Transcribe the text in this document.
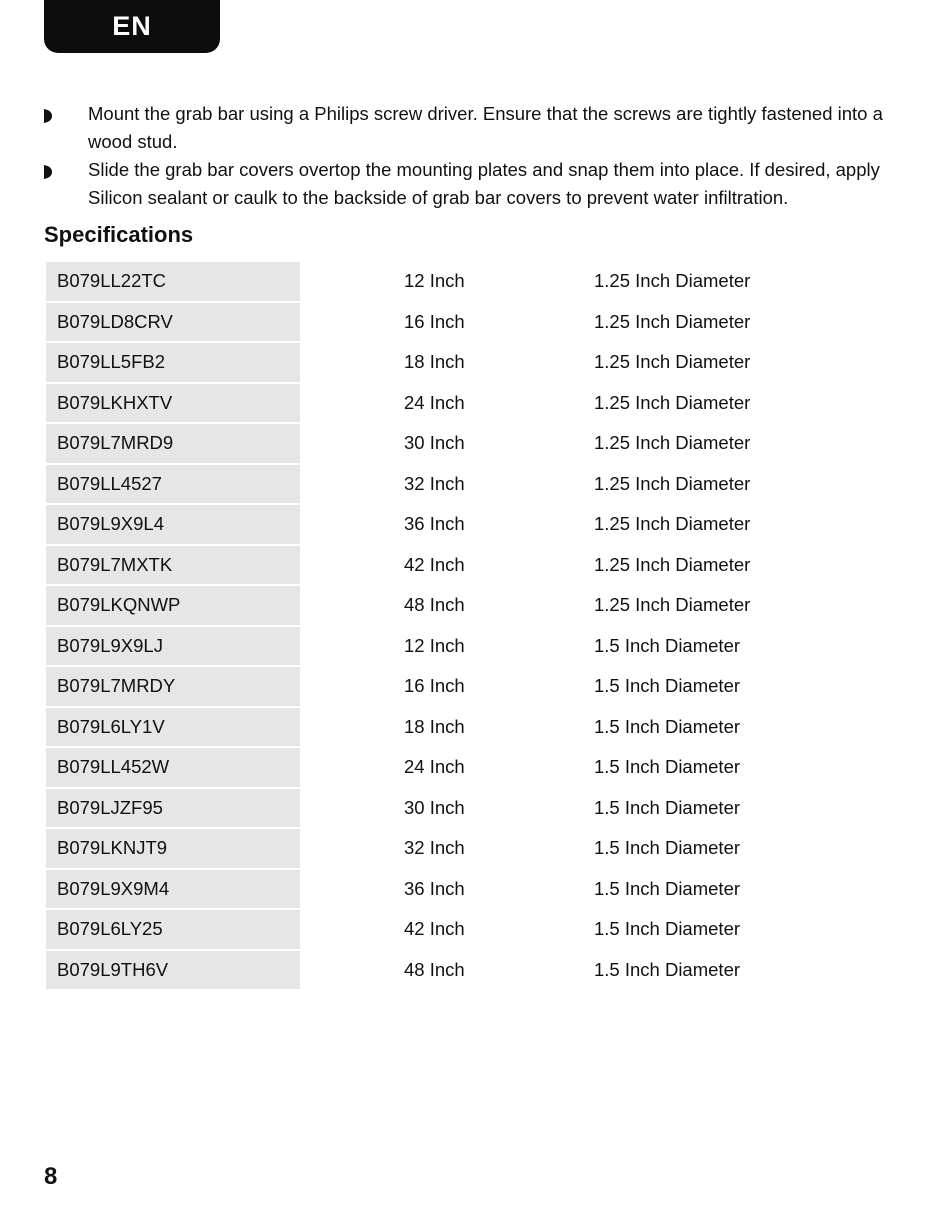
EN
Mount the grab bar using a Philips screw driver. Ensure that the screws are tightly fastened into a wood stud.
Slide the grab bar covers overtop the mounting plates and snap them into place. If desired, apply Silicon sealant or caulk to the backside of grab bar covers to prevent water infiltration.
Specifications
B079LL22TC	12 Inch	1.25 Inch Diameter
B079LD8CRV	16 Inch	1.25 Inch Diameter
B079LL5FB2	18 Inch	1.25 Inch Diameter
B079LKHXTV	24 Inch	1.25 Inch Diameter
B079L7MRD9	30 Inch	1.25 Inch Diameter
B079LL4527	32 Inch	1.25 Inch Diameter
B079L9X9L4	36 Inch	1.25 Inch Diameter
B079L7MXTK	42 Inch	1.25 Inch Diameter
B079LKQNWP	48 Inch	1.25 Inch Diameter
B079L9X9LJ	12 Inch	1.5 Inch Diameter
B079L7MRDY	16 Inch	1.5 Inch Diameter
B079L6LY1V	18 Inch	1.5 Inch Diameter
B079LL452W	24 Inch	1.5 Inch Diameter
B079LJZF95	30 Inch	1.5 Inch Diameter
B079LKNJT9	32 Inch	1.5 Inch Diameter
B079L9X9M4	36 Inch	1.5 Inch Diameter
B079L6LY25	42 Inch	1.5 Inch Diameter
B079L9TH6V	48 Inch	1.5 Inch Diameter
8
